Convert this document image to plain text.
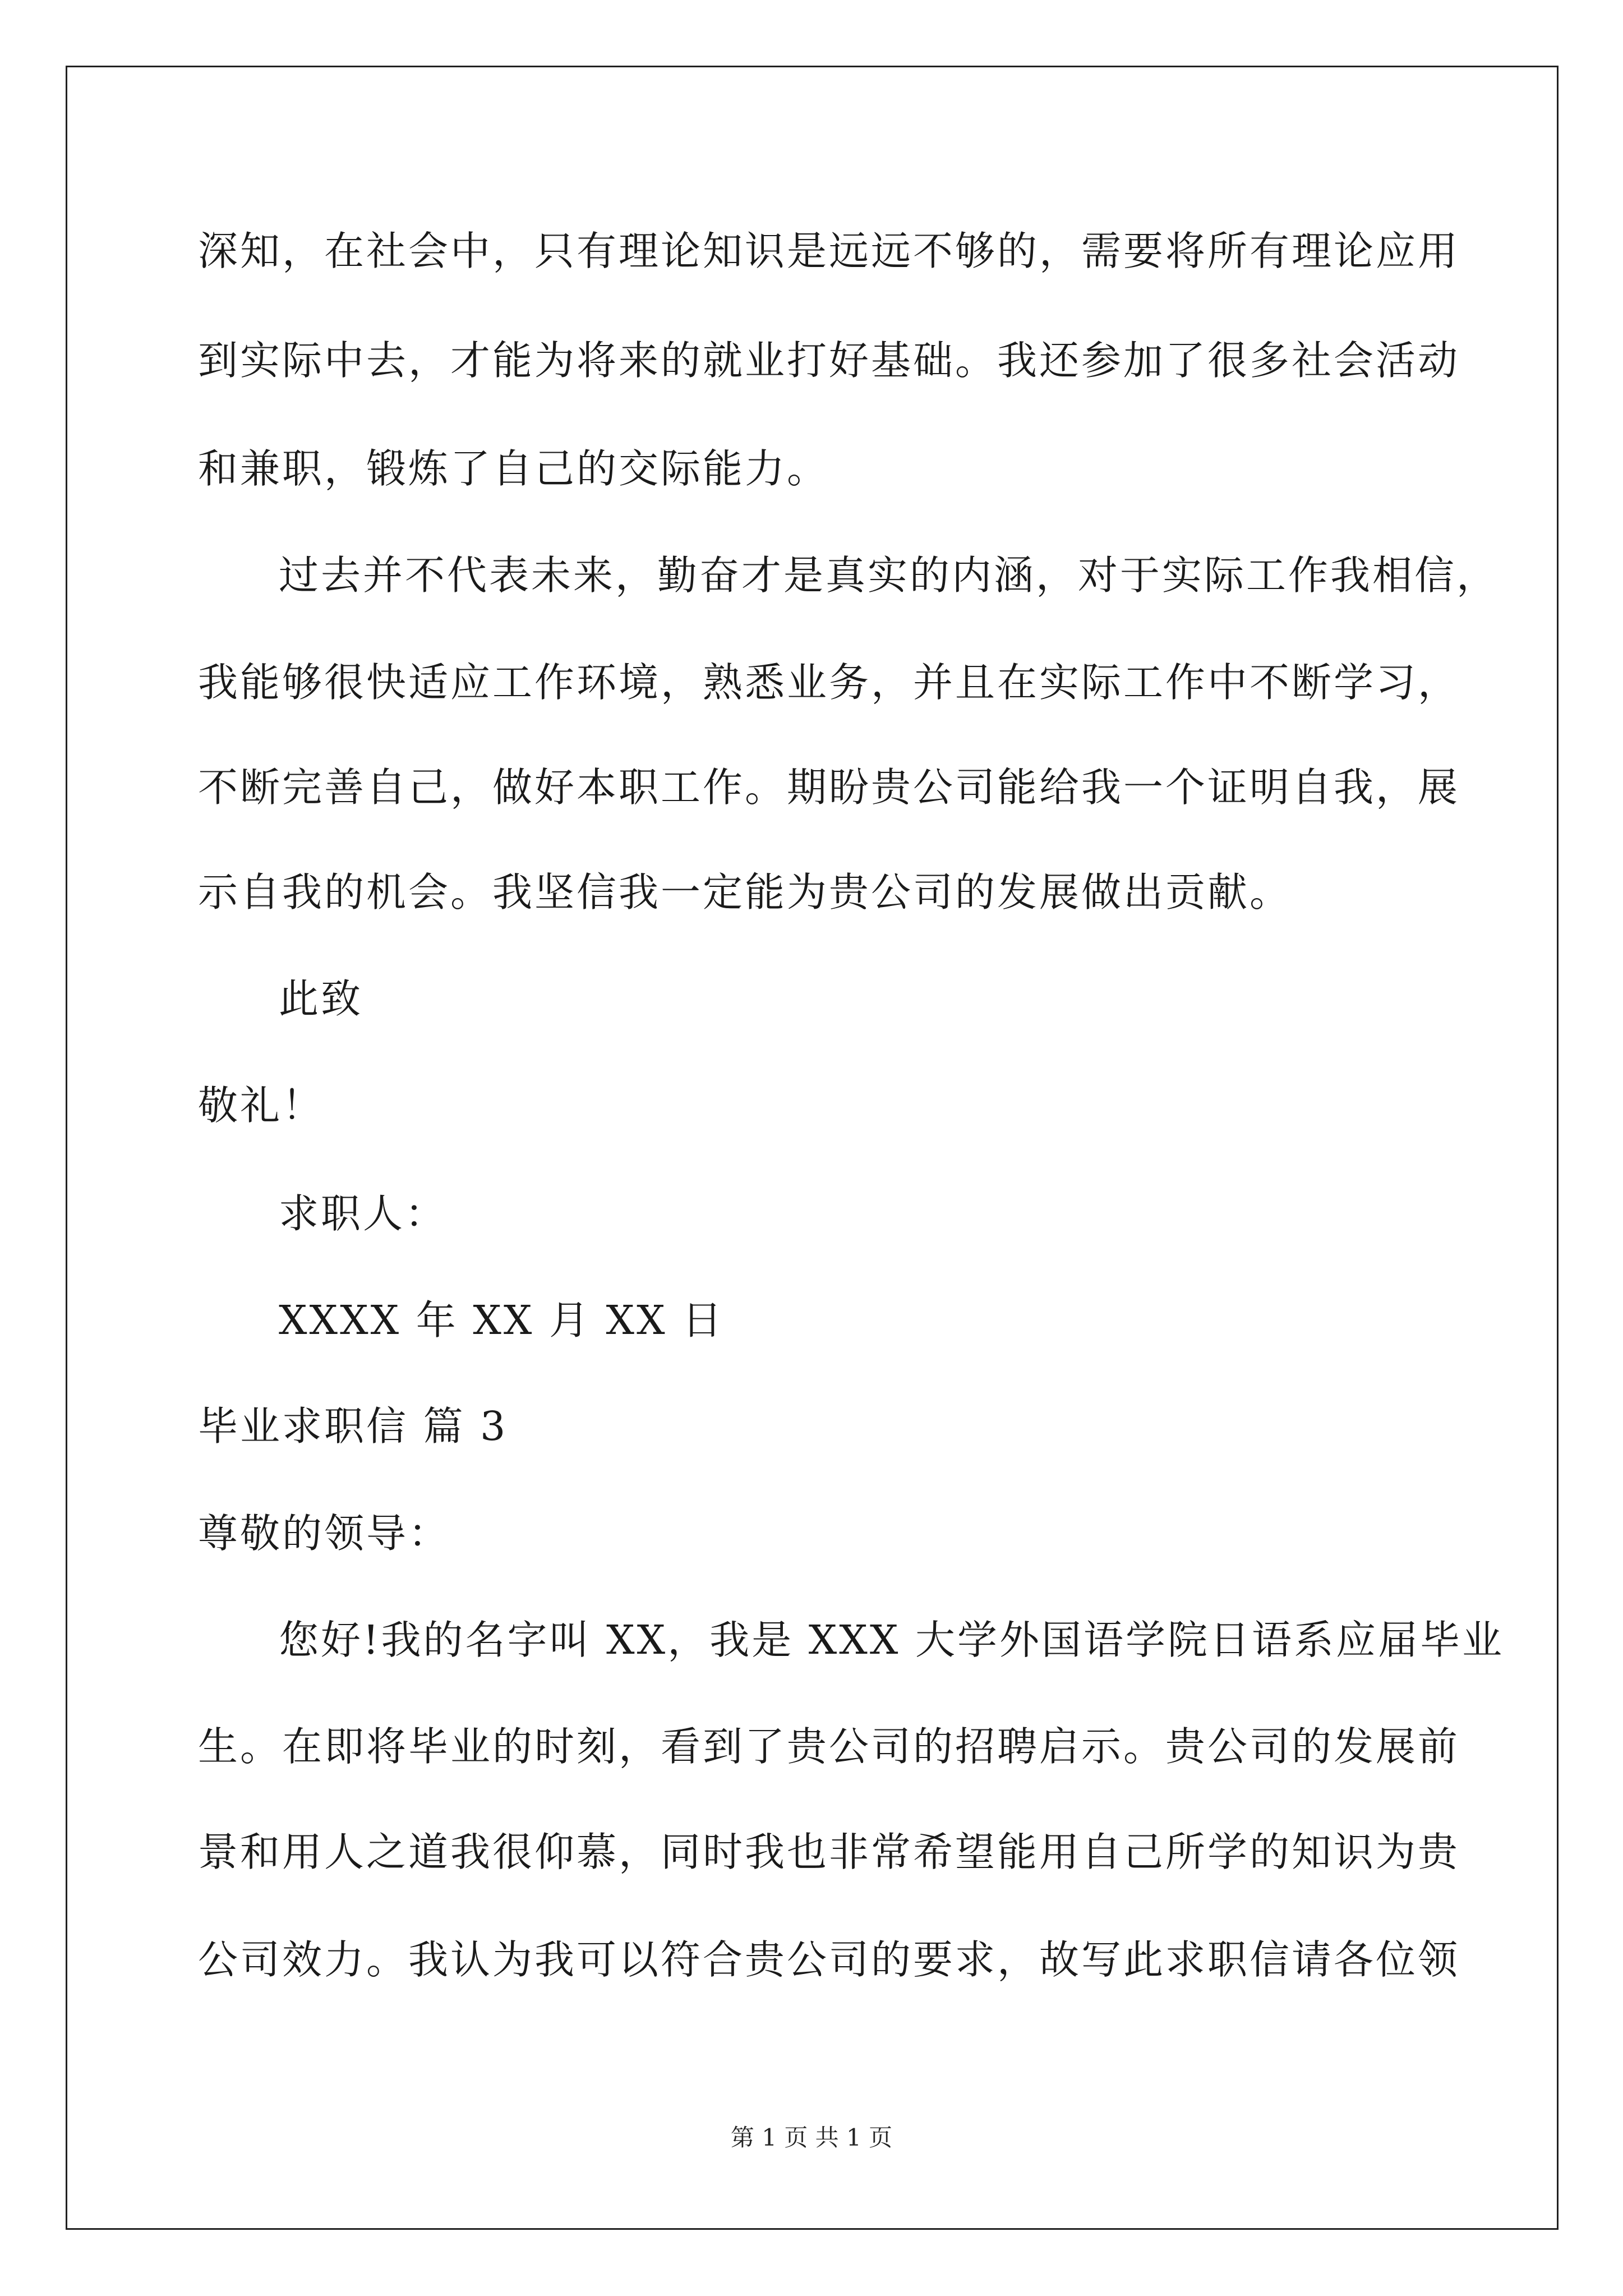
深知，在社会中，只有理论知识是远远不够的，需要将所有理论应用
到实际中去，才能为将来的就业打好基础。我还参加了很多社会活动
和兼职，锻炼了自己的交际能力。
过去并不代表未来，勤奋才是真实的内涵，对于实际工作我相信，
我能够很快适应工作环境，熟悉业务，并且在实际工作中不断学习，
不断完善自己，做好本职工作。期盼贵公司能给我一个证明自我，展
示自我的机会。我坚信我一定能为贵公司的发展做出贡献。
此致
敬礼！
求职人：
XXXX 年 XX 月 XX 日
毕业求职信 篇 3
尊敬的领导：
您好!我的名字叫 XX，我是 XXX 大学外国语学院日语系应届毕业
生。在即将毕业的时刻，看到了贵公司的招聘启示。贵公司的发展前
景和用人之道我很仰慕，同时我也非常希望能用自己所学的知识为贵
公司效力。我认为我可以符合贵公司的要求，故写此求职信请各位领
第 1 页 共 1 页
